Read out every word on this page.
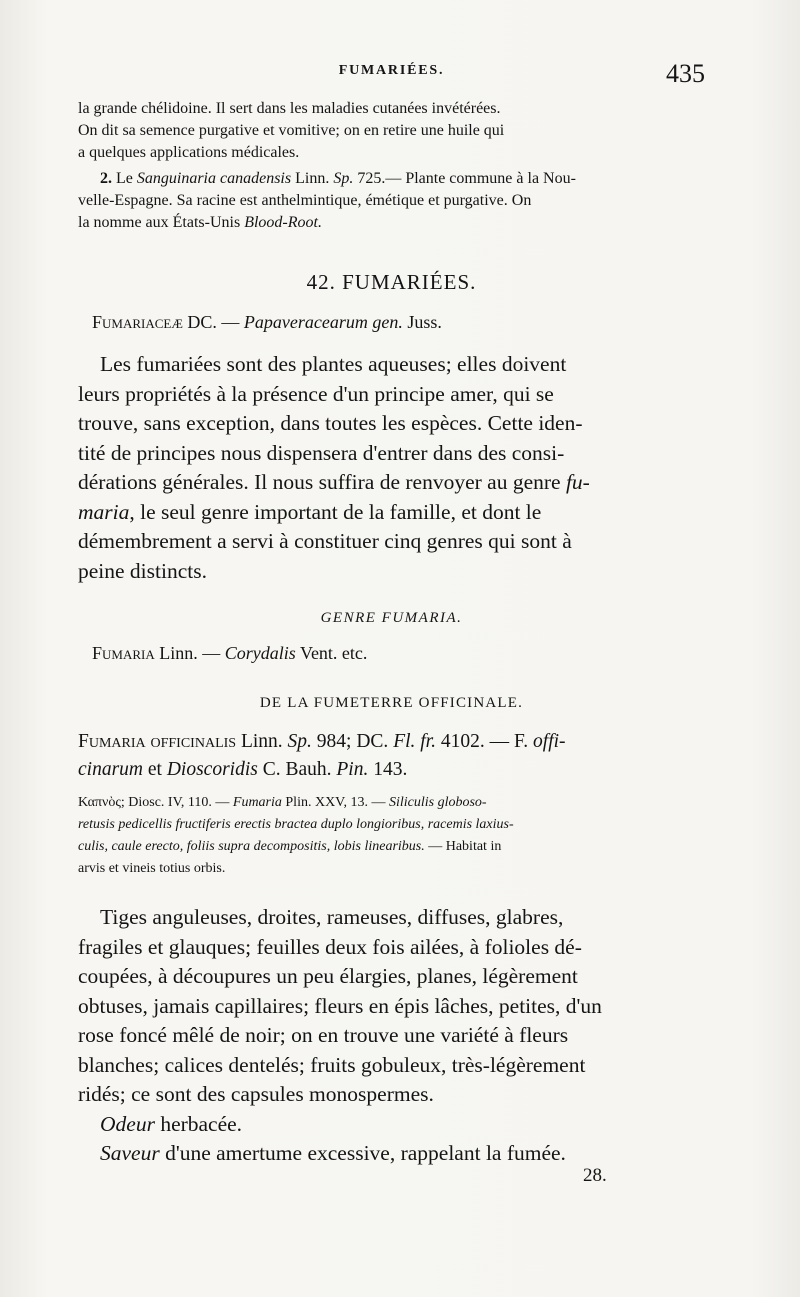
FUMARIÉES.	435

la grande chélidoine. Il sert dans les maladies cutanées invétérées.

On dit sa semence purgative et vomitive; on en retire une huile qui

a quelques applications médicales.

2. Le Sanguinaria canadensis Linn. Sp. 725.— Plante commune à la Nou-

velle-Espagne. Sa racine est anthelmintique, émétique et purgative. On

la nomme aux États-Unis Blood-Root.

42. FUMARIÉES.
Fumariaceæ DC. — Papaveracearum gen. Juss.

Les fumariées sont des plantes aqueuses; elles doivent

leurs propriétés à la présence d'un principe amer, qui se

trouve, sans exception, dans toutes les espèces. Cette iden-

tité de principes nous dispensera d'entrer dans des consi-

dérations générales. Il nous suffira de renvoyer au genre fu-

maria, le seul genre important de la famille, et dont le

démembrement a servi à constituer cinq genres qui sont à

peine distincts.

GENRE FUMARIA.
Fumaria Linn. — Corydalis Vent. etc.
DE LA FUMETERRE OFFICINALE.

Fumaria officinalis Linn. Sp. 984; DC. Fl. fr. 4102. — F. offi-

cinarum et Dioscoridis C. Bauh. Pin. 143.

Καπνὸς; Diosc. IV, 110. — Fumaria Plin. XXV, 13. — Siliculis globoso-

retusis pedicellis fructiferis erectis bractea duplo longioribus, racemis laxius-

culis, caule erecto, foliis supra decompositis, lobis linearibus. — Habitat in

arvis et vineis totius orbis.

Tiges anguleuses, droites, rameuses, diffuses, glabres,

fragiles et glauques; feuilles deux fois ailées, à folioles dé-

coupées, à découpures un peu élargies, planes, légèrement

obtuses, jamais capillaires; fleurs en épis lâches, petites, d'un

rose foncé mêlé de noir; on en trouve une variété à fleurs

blanches; calices dentelés; fruits gobuleux, très-légèrement

ridés; ce sont des capsules monospermes.

Odeur herbacée.

Saveur d'une amertume excessive, rappelant la fumée.

28.
